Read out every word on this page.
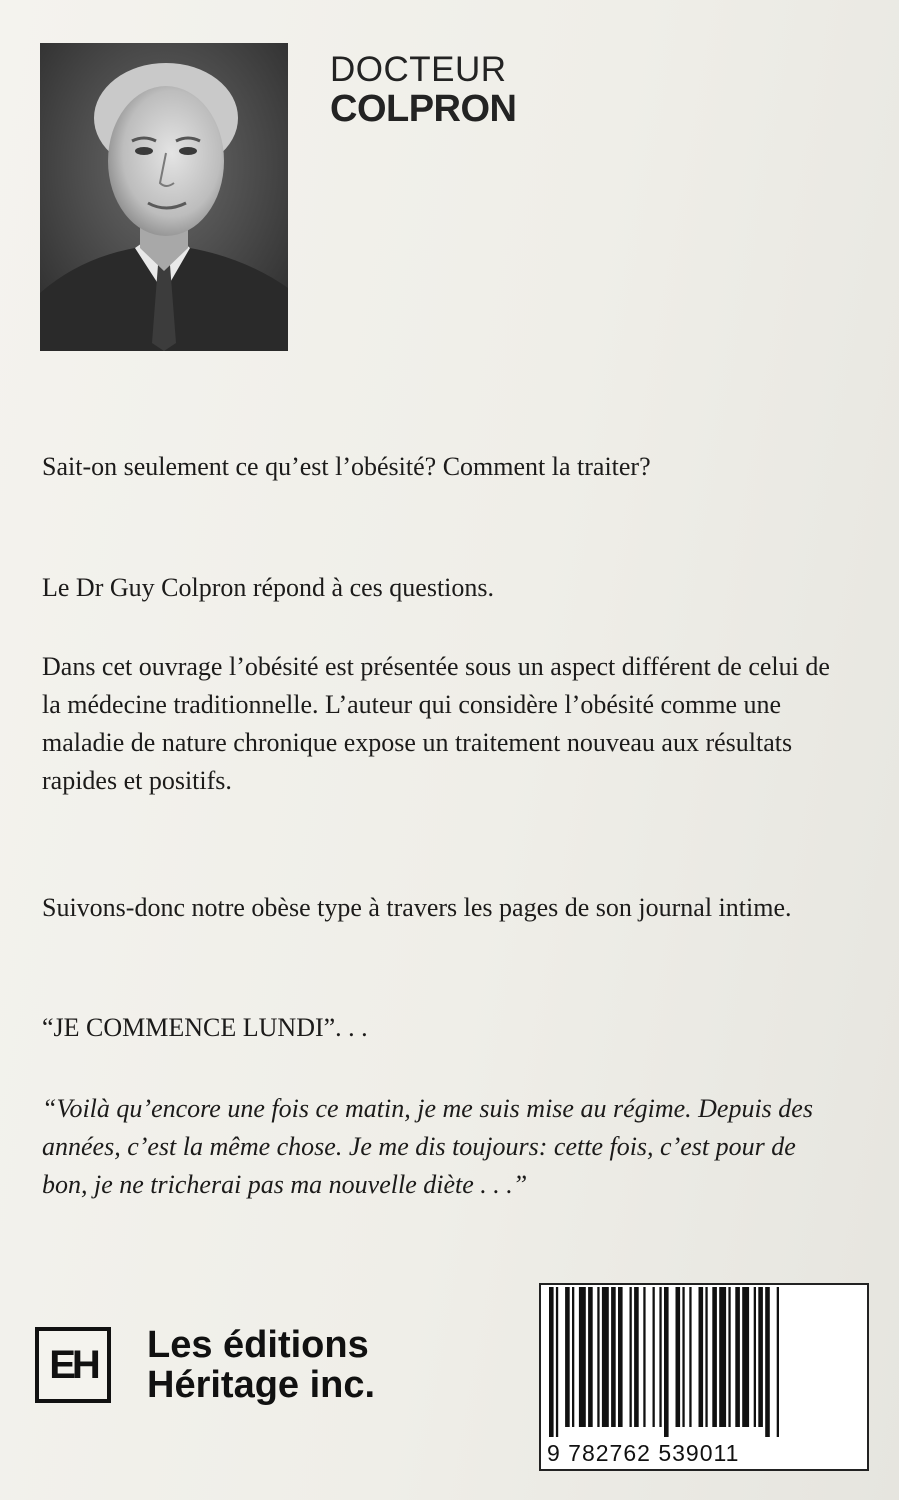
DOCTEUR
COLPRON
Sait-on seulement ce qu’est l’obésité? Comment la traiter?
Le Dr Guy Colpron répond à ces questions.
Dans cet ouvrage l’obésité est présentée sous un aspect différent de celui de la médecine traditionnelle. L’auteur qui considère l’obésité comme une maladie de nature chronique expose un traitement nouveau aux résultats rapides et positifs.
Suivons-donc notre obèse type à travers les pages de son journal intime.
“JE COMMENCE LUNDI”. . .
“Voilà qu’encore une fois ce matin, je me suis mise au régime. Depuis des années, c’est la même chose. Je me dis toujours: cette fois, c’est pour de bon, je ne tricherai pas ma nouvelle diète . . .”
EH	Les éditions
Héritage inc.
9 782762 539011
